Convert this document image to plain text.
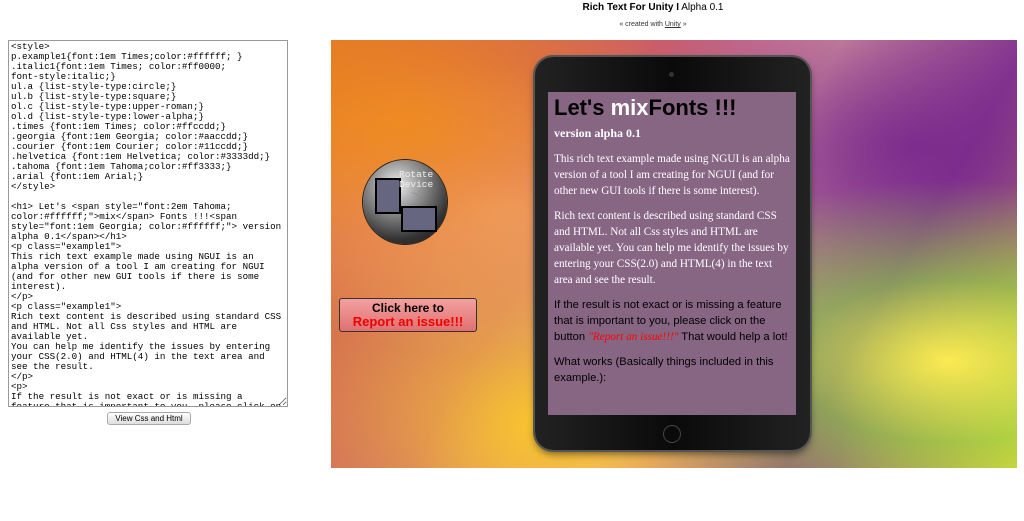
Rich Text For Unity I Alpha 0.1
« created with Unity »
<style> p.example1{font:1em Times;color:#ffffff; } .italic1{font:1em Times; color:#ff0000; font-style:italic;} ul.a {list-style-type:circle;} ul.b {list-style-type:square;} ol.c {list-style-type:upper-roman;} ol.d {list-style-type:lower-alpha;} .times {font:1em Times; color:#ffccdd;} .georgia {font:1em Georgia; color:#aaccdd;} .courier {font:1em Courier; color:#11ccdd;} .helvetica {font:1em Helvetica; color:#3333dd;} .tahoma {font:1em Tahoma;color:#ff3333;} .arial {font:1em Arial;} </style> <h1> Let's <span style="font:2em Tahoma; color:#ffffff;">mix</span> Fonts !!!<span style="font:1em Georgia; color:#ffffff;"> version alpha 0.1</span></h1> <p class="example1"> This rich text example made using NGUI is an alpha version of a tool I am creating for NGUI (and for other new GUI tools if there is some interest). </p> <p class="example1"> Rich text content is described using standard CSS and HTML. Not all Css styles and HTML are available yet. You can help me identify the issues by entering your CSS(2.0) and HTML(4) in the text area and see the result. </p> <p> If the result is not exact or is missing a feature that is important to you, please click on
View Css and Html
⤵
Rotate
Device
Click here to
Report an issue!!!
Let's mixFonts !!!
version alpha 0.1

This rich text example made using NGUI is an alpha version of a tool I am creating for NGUI (and for other new GUI tools if there is some interest).

Rich text content is described using standard CSS and HTML. Not all Css styles and HTML are available yet. You can help me identify the issues by entering your CSS(2.0) and HTML(4) in the text area and see the result.

If the result is not exact or is missing a feature that is important to you, please click on the button "Report an issue!!!" That would help a lot!

What works (Basically things included in this example.):
